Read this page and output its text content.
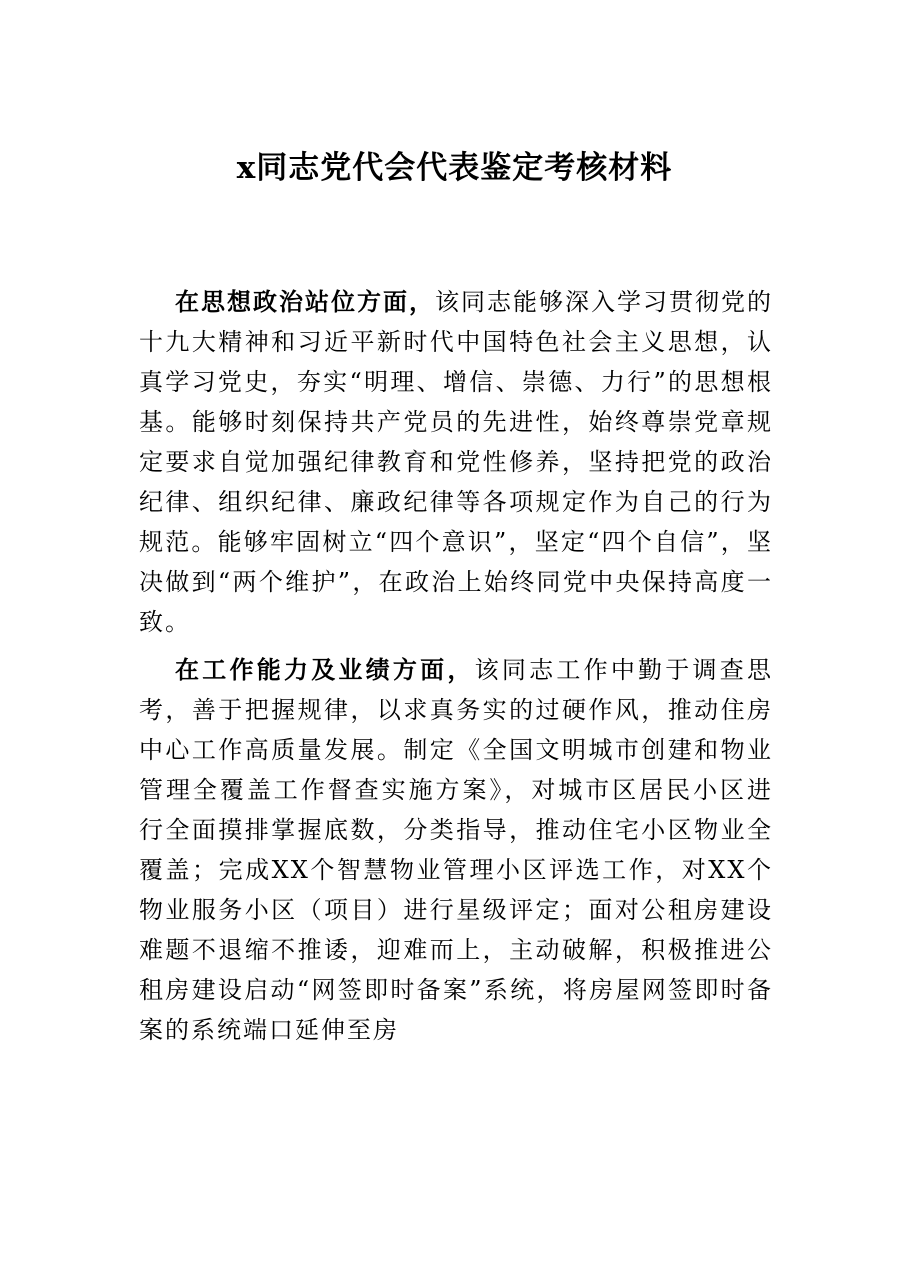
x同志党代会代表鉴定考核材料

在思想政治站位方面，该同志能够深入学习贯彻党的十九大精神和习近平新时代中国特色社会主义思想，认真学习党史，夯实“明理、增信、崇德、力行”的思想根基。能够时刻保持共产党员的先进性，始终尊崇党章规定要求自觉加强纪律教育和党性修养，坚持把党的政治纪律、组织纪律、廉政纪律等各项规定作为自己的行为规范。能够牢固树立“四个意识”，坚定“四个自信”，坚决做到“两个维护”，在政治上始终同党中央保持高度一致。

在工作能力及业绩方面，该同志工作中勤于调查思考，善于把握规律，以求真务实的过硬作风，推动住房中心工作高质量发展。制定《全国文明城市创建和物业管理全覆盖工作督查实施方案》，对城市区居民小区进行全面摸排掌握底数，分类指导，推动住宅小区物业全覆盖；完成XX个智慧物业管理小区评选工作，对XX个物业服务小区（项目）进行星级评定；面对公租房建设难题不退缩不推诿，迎难而上，主动破解，积极推进公租房建设启动“网签即时备案”系统，将房屋网签即时备案的系统端口延伸至房
